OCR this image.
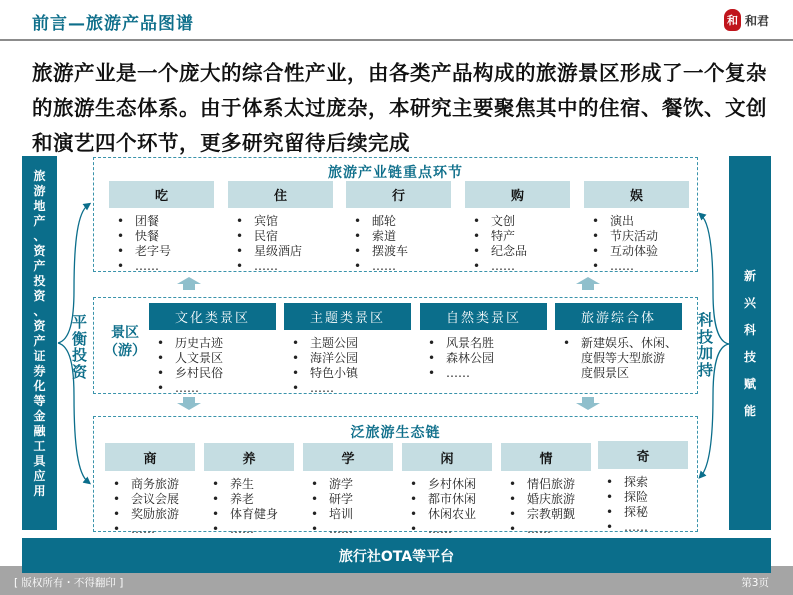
前言—旅游产品图谱	和 和君
旅游产业是一个庞大的综合性产业，由各类产品构成的旅游景区形成了一个复杂的旅游生态体系。由于体系太过庞杂，本研究主要聚焦其中的住宿、餐饮、文创和演艺四个环节，更多研究留待后续完成
旅
游
地
产
、
资
产
投
资
、
资
产
证
券
化
等
金
融
工
具
应
用
平
衡
投
资
新
兴
科
技
赋
能
科
技
加
持
旅游产业链重点环节
吃
• 团餐
• 快餐
• 老字号
• ……
住
• 宾馆
• 民宿
• 星级酒店
• ……
行
• 邮轮
• 索道
• 摆渡车
• ……
购
• 文创
• 特产
• 纪念品
• ……
娱
• 演出
• 节庆活动
• 互动体验
• ……
景区
（游）
文化类景区
• 历史古迹
• 人文景区
• 乡村民俗
• ……
主题类景区
• 主题公园
• 海洋公园
• 特色小镇
• ……
自然类景区
• 风景名胜
• 森林公园
• ……
旅游综合体
• 新建娱乐、休闲、
度假等大型旅游
度假景区
泛旅游生态链
商
• 商务旅游
• 会议会展
• 奖励旅游
• ……
养
• 养生
• 养老
• 体育健身
• ……
学
• 游学
• 研学
• 培训
• ……
闲
• 乡村休闲
• 都市休闲
• 休闲农业
• ……
情
• 情侣旅游
• 婚庆旅游
• 宗教朝觐
• ……
奇
• 探索
• 探险
• 探秘
• ……
旅行社OTA等平台
[ 版权所有・不得翻印 ]	第3页
